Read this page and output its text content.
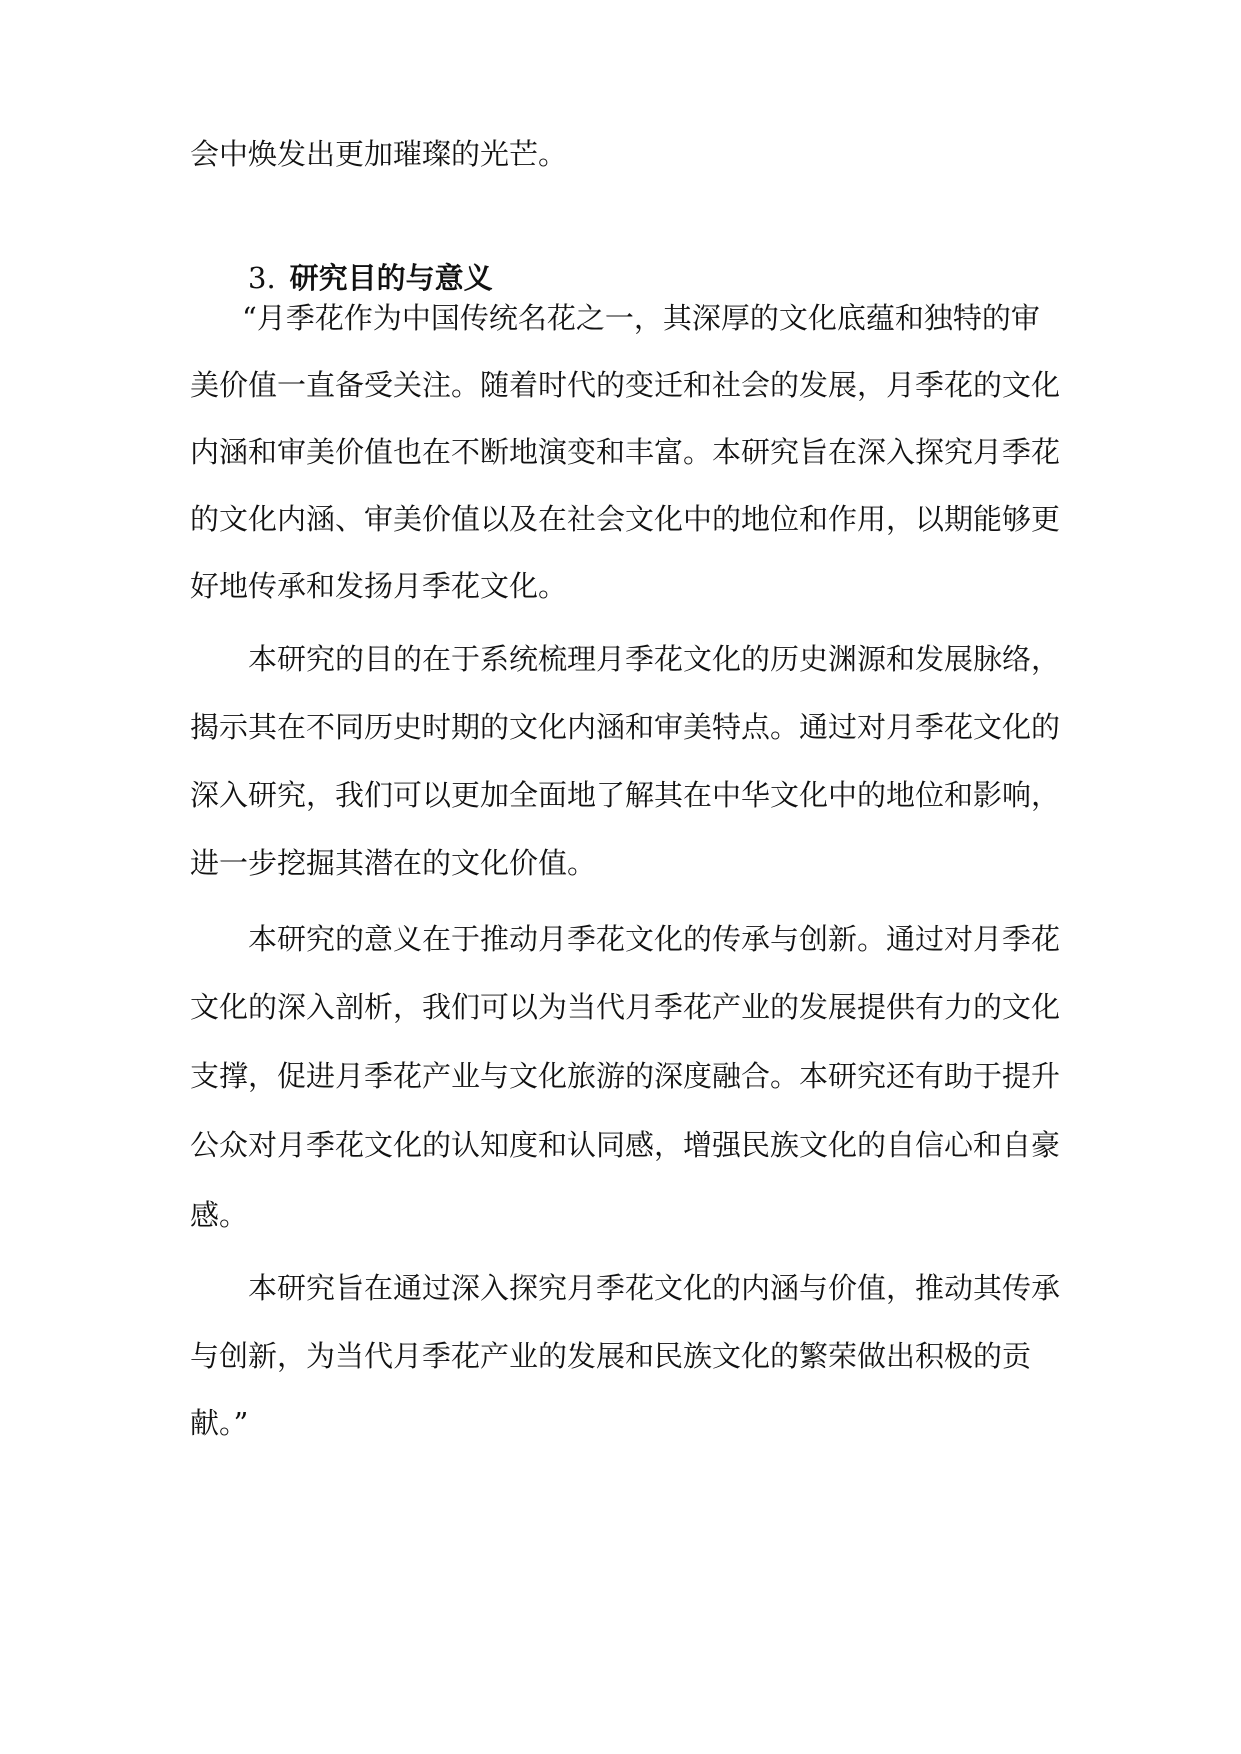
会中焕发出更加璀璨的光芒。
3. 研究目的与意义
“月季花作为中国传统名花之一，其深厚的文化底蕴和独特的审
美价值一直备受关注。随着时代的变迁和社会的发展，月季花的文化
内涵和审美价值也在不断地演变和丰富。本研究旨在深入探究月季花
的文化内涵、审美价值以及在社会文化中的地位和作用，以期能够更
好地传承和发扬月季花文化。
本研究的目的在于系统梳理月季花文化的历史渊源和发展脉络，
揭示其在不同历史时期的文化内涵和审美特点。通过对月季花文化的
深入研究，我们可以更加全面地了解其在中华文化中的地位和影响，
进一步挖掘其潜在的文化价值。
本研究的意义在于推动月季花文化的传承与创新。通过对月季花
文化的深入剖析，我们可以为当代月季花产业的发展提供有力的文化
支撑，促进月季花产业与文化旅游的深度融合。本研究还有助于提升
公众对月季花文化的认知度和认同感，增强民族文化的自信心和自豪
感。
本研究旨在通过深入探究月季花文化的内涵与价值，推动其传承
与创新，为当代月季花产业的发展和民族文化的繁荣做出积极的贡
献。”
